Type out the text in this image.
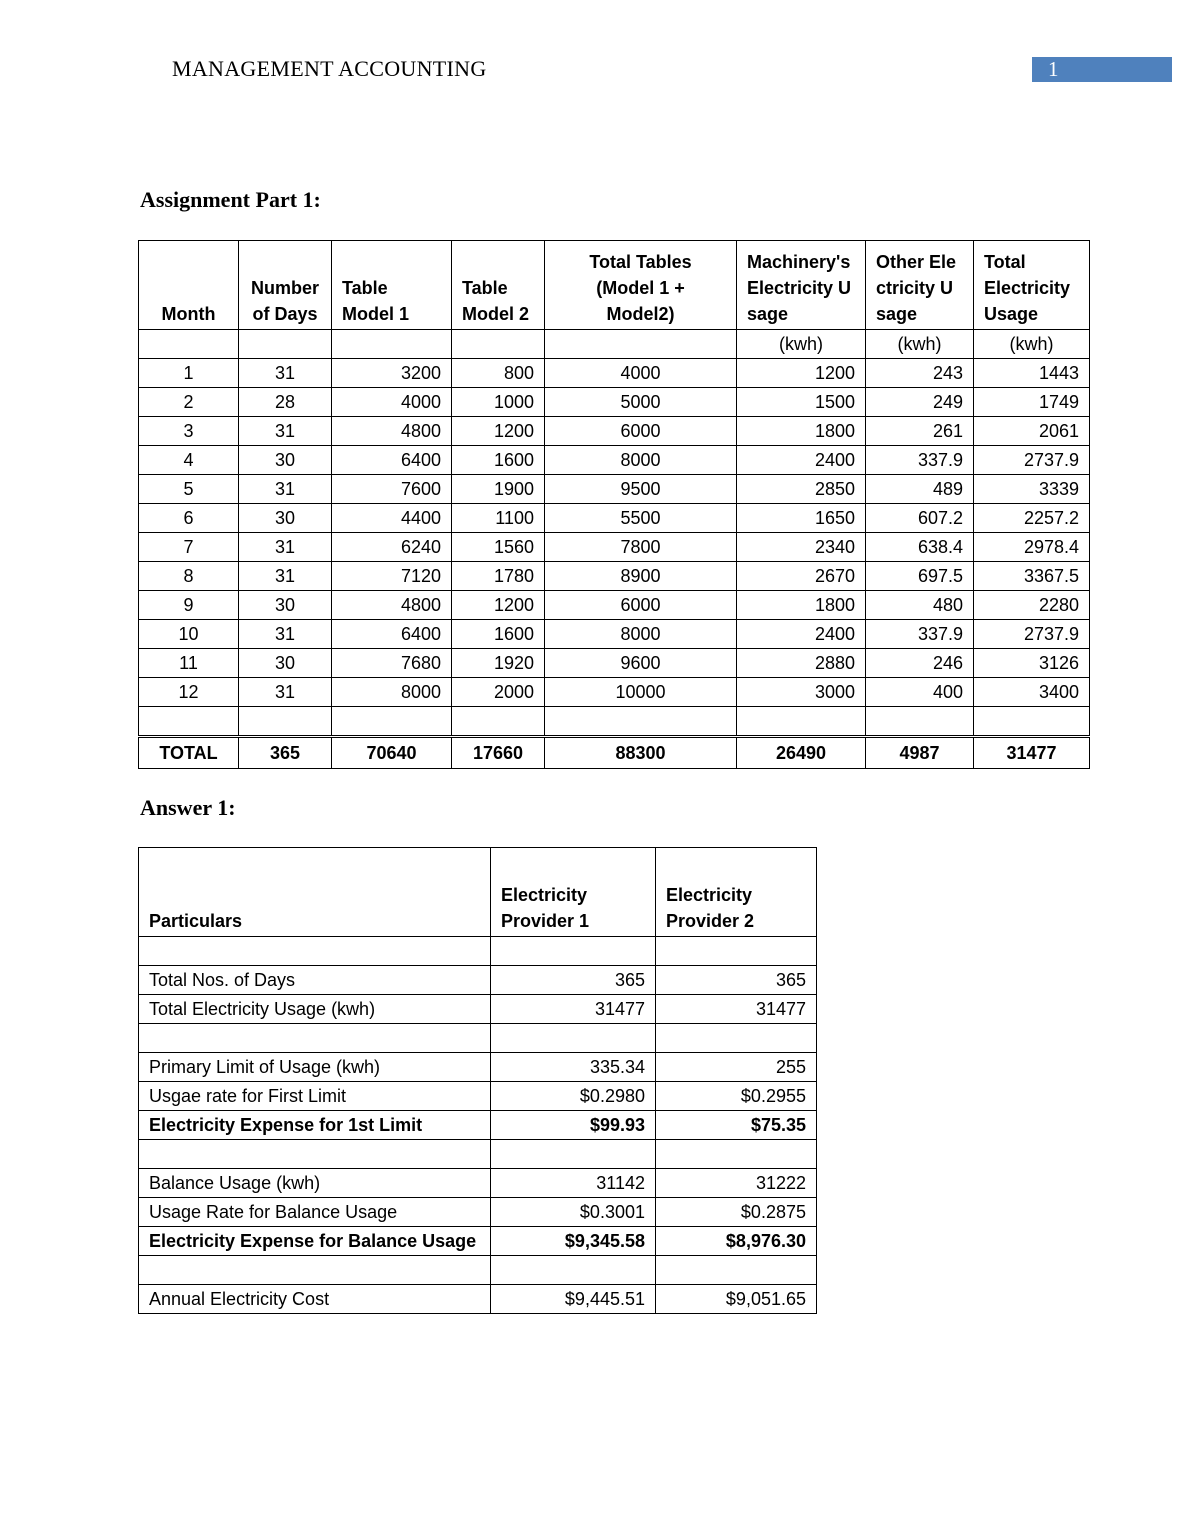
MANAGEMENT ACCOUNTING	1
Assignment Part 1:
Month	Number of Days	Table Model 1	Table Model 2	Total Tables (Model 1 + Model2)	Machinery's Electricity Usage	Other Electricity Usage	Total Electricity Usage
					(kwh)	(kwh)	(kwh)
1	31	3200	800	4000	1200	243	1443
2	28	4000	1000	5000	1500	249	1749
3	31	4800	1200	6000	1800	261	2061
4	30	6400	1600	8000	2400	337.9	2737.9
5	31	7600	1900	9500	2850	489	3339
6	30	4400	1100	5500	1650	607.2	2257.2
7	31	6240	1560	7800	2340	638.4	2978.4
8	31	7120	1780	8900	2670	697.5	3367.5
9	30	4800	1200	6000	1800	480	2280
10	31	6400	1600	8000	2400	337.9	2737.9
11	30	7680	1920	9600	2880	246	3126
12	31	8000	2000	10000	3000	400	3400

TOTAL	365	70640	17660	88300	26490	4987	31477
Answer 1:
Particulars	Electricity Provider 1	Electricity Provider 2

Total Nos. of Days	365	365
Total Electricity Usage (kwh)	31477	31477

Primary Limit of Usage (kwh)	335.34	255
Usgae rate for First Limit	$0.2980	$0.2955
Electricity Expense for 1st Limit	$99.93	$75.35

Balance Usage (kwh)	31142	31222
Usage Rate for Balance Usage	$0.3001	$0.2875
Electricity Expense for Balance Usage	$9,345.58	$8,976.30

Annual Electricity Cost	$9,445.51	$9,051.65
